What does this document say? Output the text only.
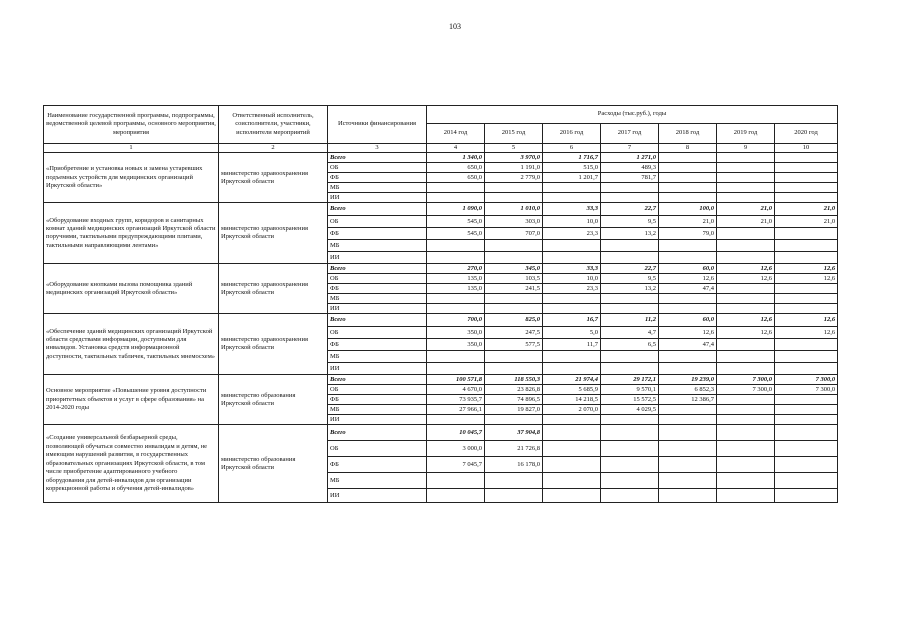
103
Наименование государственной программы, подпрограммы, ведомственной целевой программы, основного мероприятия, мероприятия	Ответственный исполнитель, соисполнители, участники, исполнители мероприятий	Источники финансирования	Расходы (тыс.руб.), годы						
			2014 год	2015 год	2016 год	2017 год	2018 год	2019 год	2020 год
1	2	3	4	5	6	7	8	9	10
«Приобретение и установка новых и замена устаревших подъемных устройств для медицинских организаций Иркутской области»	министерство здравоохранения Иркутской области	Всего	1 340,0	3 970,0	1 716,7	1 271,0			
		ОБ	650,0	1 191,0	515,0	489,3			
		ФБ	650,0	2 779,0	1 201,7	781,7			
		МБ							
		ИИ							
«Оборудование входных групп, коридоров и санитарных комнат зданий медицинских организаций Иркутской области поручнями, тактильными предупреждающими плитами, тактильными направляющими лентами»	министерство здравоохранения Иркутской области	Всего	1 090,0	1 010,0	33,3	22,7	100,0	21,0	21,0
		ОБ	545,0	303,0	10,0	9,5	21,0	21,0	21,0
		ФБ	545,0	707,0	23,3	13,2	79,0		
		МБ							
		ИИ							
«Оборудование кнопками вызова помощника зданий медицинских организаций Иркутской области»	министерство здравоохранения Иркутской области	Всего	270,0	345,0	33,3	22,7	60,0	12,6	12,6
		ОБ	135,0	103,5	10,0	9,5	12,6	12,6	12,6
		ФБ	135,0	241,5	23,3	13,2	47,4		
		МБ							
		ИИ							
«Обеспечение зданий медицинских организаций Иркутской области средствами информации, доступными для инвалидов. Установка средств информационной доступности, тактильных табличек, тактильных мнемосхем»	министерство здравоохранения Иркутской области	Всего	700,0	825,0	16,7	11,2	60,0	12,6	12,6
		ОБ	350,0	247,5	5,0	4,7	12,6	12,6	12,6
		ФБ	350,0	577,5	11,7	6,5	47,4		
		МБ							
		ИИ							
Основное мероприятие «Повышение уровня доступности приоритетных объектов и услуг в сфере образования» на 2014-2020 годы	министерство образования Иркутской области	Всего	100 571,8	118 550,3	21 974,4	29 172,1	19 239,0	7 300,0	7 300,0
		ОБ	4 670,0	23 826,8	5 685,9	9 570,1	6 852,3	7 300,0	7 300,0
		ФБ	73 935,7	74 896,5	14 218,5	15 572,5	12 386,7		
		МБ	27 966,1	19 827,0	2 070,0	4 029,5			
		ИИ							
«Создание универсальной безбарьерной среды, позволяющей обучаться совместно инвалидам и детям, не имеющим нарушений развития, в государственных образовательных организациях Иркутской области, в том числе приобретение адаптированного учебного оборудования для детей-инвалидов для организации коррекционной работы и обучения детей-инвалидов»	министерство образования Иркутской области	Всего	10 045,7	37 904,8					
		ОБ	3 000,0	21 726,8					
		ФБ	7 045,7	16 178,0					
		МБ							
		ИИ							
